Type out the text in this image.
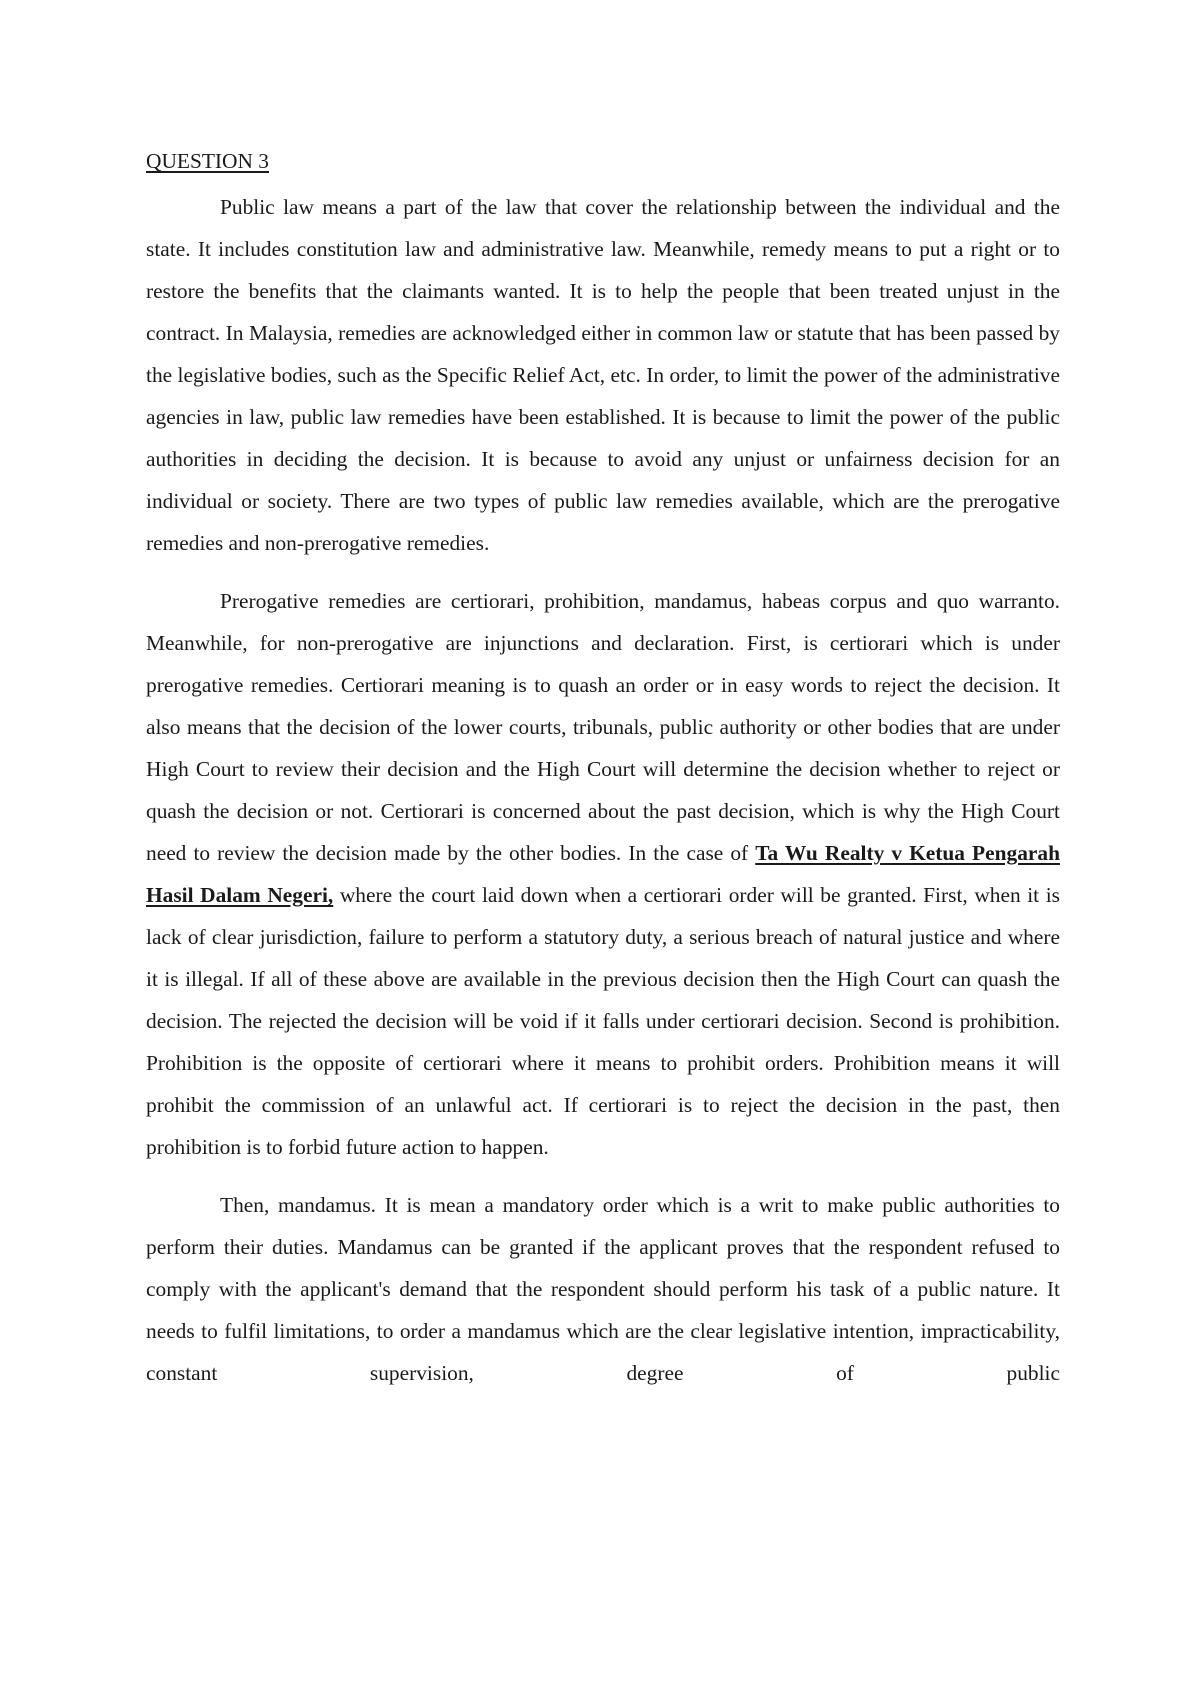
QUESTION 3

Public law means a part of the law that cover the relationship between the individual and the state. It includes constitution law and administrative law. Meanwhile, remedy means to put a right or to restore the benefits that the claimants wanted. It is to help the people that been treated unjust in the contract. In Malaysia, remedies are acknowledged either in common law or statute that has been passed by the legislative bodies, such as the Specific Relief Act, etc. In order, to limit the power of the administrative agencies in law, public law remedies have been established. It is because to limit the power of the public authorities in deciding the decision. It is because to avoid any unjust or unfairness decision for an individual or society. There are two types of public law remedies available, which are the prerogative remedies and non-prerogative remedies.

Prerogative remedies are certiorari, prohibition, mandamus, habeas corpus and quo warranto. Meanwhile, for non-prerogative are injunctions and declaration. First, is certiorari which is under prerogative remedies. Certiorari meaning is to quash an order or in easy words to reject the decision. It also means that the decision of the lower courts, tribunals, public authority or other bodies that are under High Court to review their decision and the High Court will determine the decision whether to reject or quash the decision or not. Certiorari is concerned about the past decision, which is why the High Court need to review the decision made by the other bodies. In the case of Ta Wu Realty v Ketua Pengarah Hasil Dalam Negeri, where the court laid down when a certiorari order will be granted. First, when it is lack of clear jurisdiction, failure to perform a statutory duty, a serious breach of natural justice and where it is illegal. If all of these above are available in the previous decision then the High Court can quash the decision. The rejected the decision will be void if it falls under certiorari decision. Second is prohibition. Prohibition is the opposite of certiorari where it means to prohibit orders. Prohibition means it will prohibit the commission of an unlawful act. If certiorari is to reject the decision in the past, then prohibition is to forbid future action to happen.

Then, mandamus. It is mean a mandatory order which is a writ to make public authorities to perform their duties. Mandamus can be granted if the applicant proves that the respondent refused to comply with the applicant's demand that the respondent should perform his task of a public nature. It needs to fulfil limitations, to order a mandamus which are the clear legislative intention, impracticability, constant supervision, degree of public
